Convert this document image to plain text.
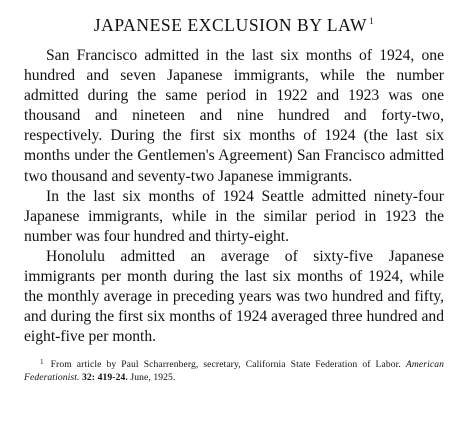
JAPANESE EXCLUSION BY LAW $^1$

San Francisco admitted in the last six months of 1924, one hundred and seven Japanese immigrants, while the number admitted during the same period in 1922 and 1923 was one thousand and nineteen and nine hundred and forty-two, respectively. During the first six months of 1924 (the last six months under the Gentlemen's Agreement) San Francisco admitted two thousand and seventy-two Japanese immigrants.

In the last six months of 1924 Seattle admitted ninety-four Japanese immigrants, while in the similar period in 1923 the number was four hundred and thirty-eight.

Honolulu admitted an average of sixty-five Japanese immigrants per month during the last six months of 1924, while the monthly average in preceding years was two hundred and fifty, and during the first six months of 1924 averaged three hundred and eight-five per month.

$^1$ From article by Paul Scharrenberg, secretary, California State Federation of Labor. American Federationist. 32: 419-24. June, 1925.
